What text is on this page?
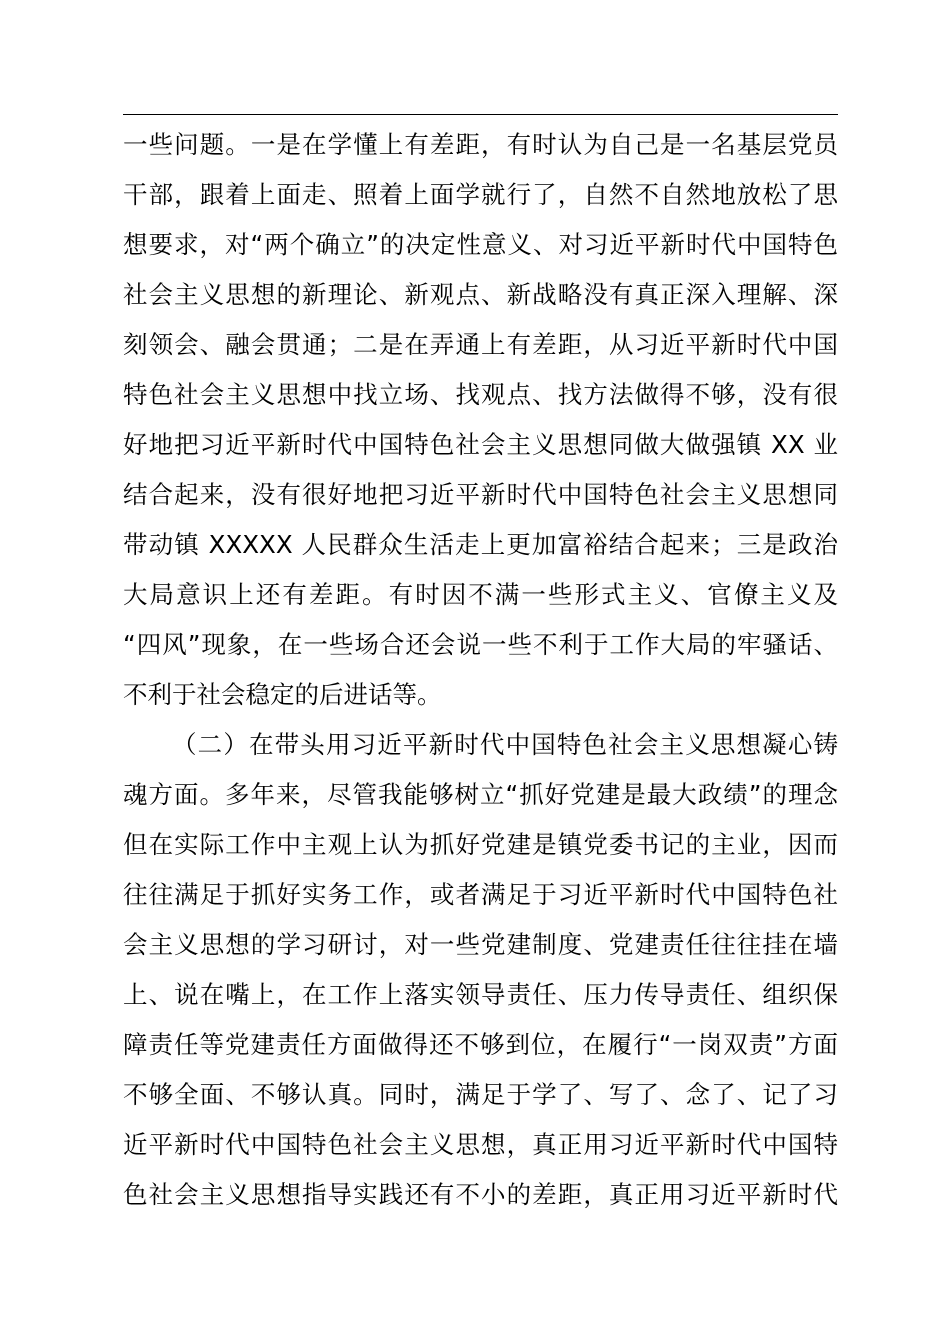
一些问题。一是在学懂上有差距，有时认为自己是一名基层党员
干部，跟着上面走、照着上面学就行了，自然不自然地放松了思
想要求，对“两个确立”的决定性意义、对习近平新时代中国特色
社会主义思想的新理论、新观点、新战略没有真正深入理解、深
刻领会、融会贯通；二是在弄通上有差距，从习近平新时代中国
特色社会主义思想中找立场、找观点、找方法做得不够，没有很
好地把习近平新时代中国特色社会主义思想同做大做强镇 XX 业
结合起来，没有很好地把习近平新时代中国特色社会主义思想同
带动镇 XXXXX 人民群众生活走上更加富裕结合起来；三是政治
大局意识上还有差距。有时因不满一些形式主义、官僚主义及
“四风”现象，在一些场合还会说一些不利于工作大局的牢骚话、
不利于社会稳定的后进话等。
（二）在带头用习近平新时代中国特色社会主义思想凝心铸
魂方面。多年来，尽管我能够树立“抓好党建是最大政绩”的理念
但在实际工作中主观上认为抓好党建是镇党委书记的主业，因而
往往满足于抓好实务工作，或者满足于习近平新时代中国特色社
会主义思想的学习研讨，对一些党建制度、党建责任往往挂在墙
上、说在嘴上，在工作上落实领导责任、压力传导责任、组织保
障责任等党建责任方面做得还不够到位，在履行“一岗双责”方面
不够全面、不够认真。同时，满足于学了、写了、念了、记了习
近平新时代中国特色社会主义思想，真正用习近平新时代中国特
色社会主义思想指导实践还有不小的差距，真正用习近平新时代
